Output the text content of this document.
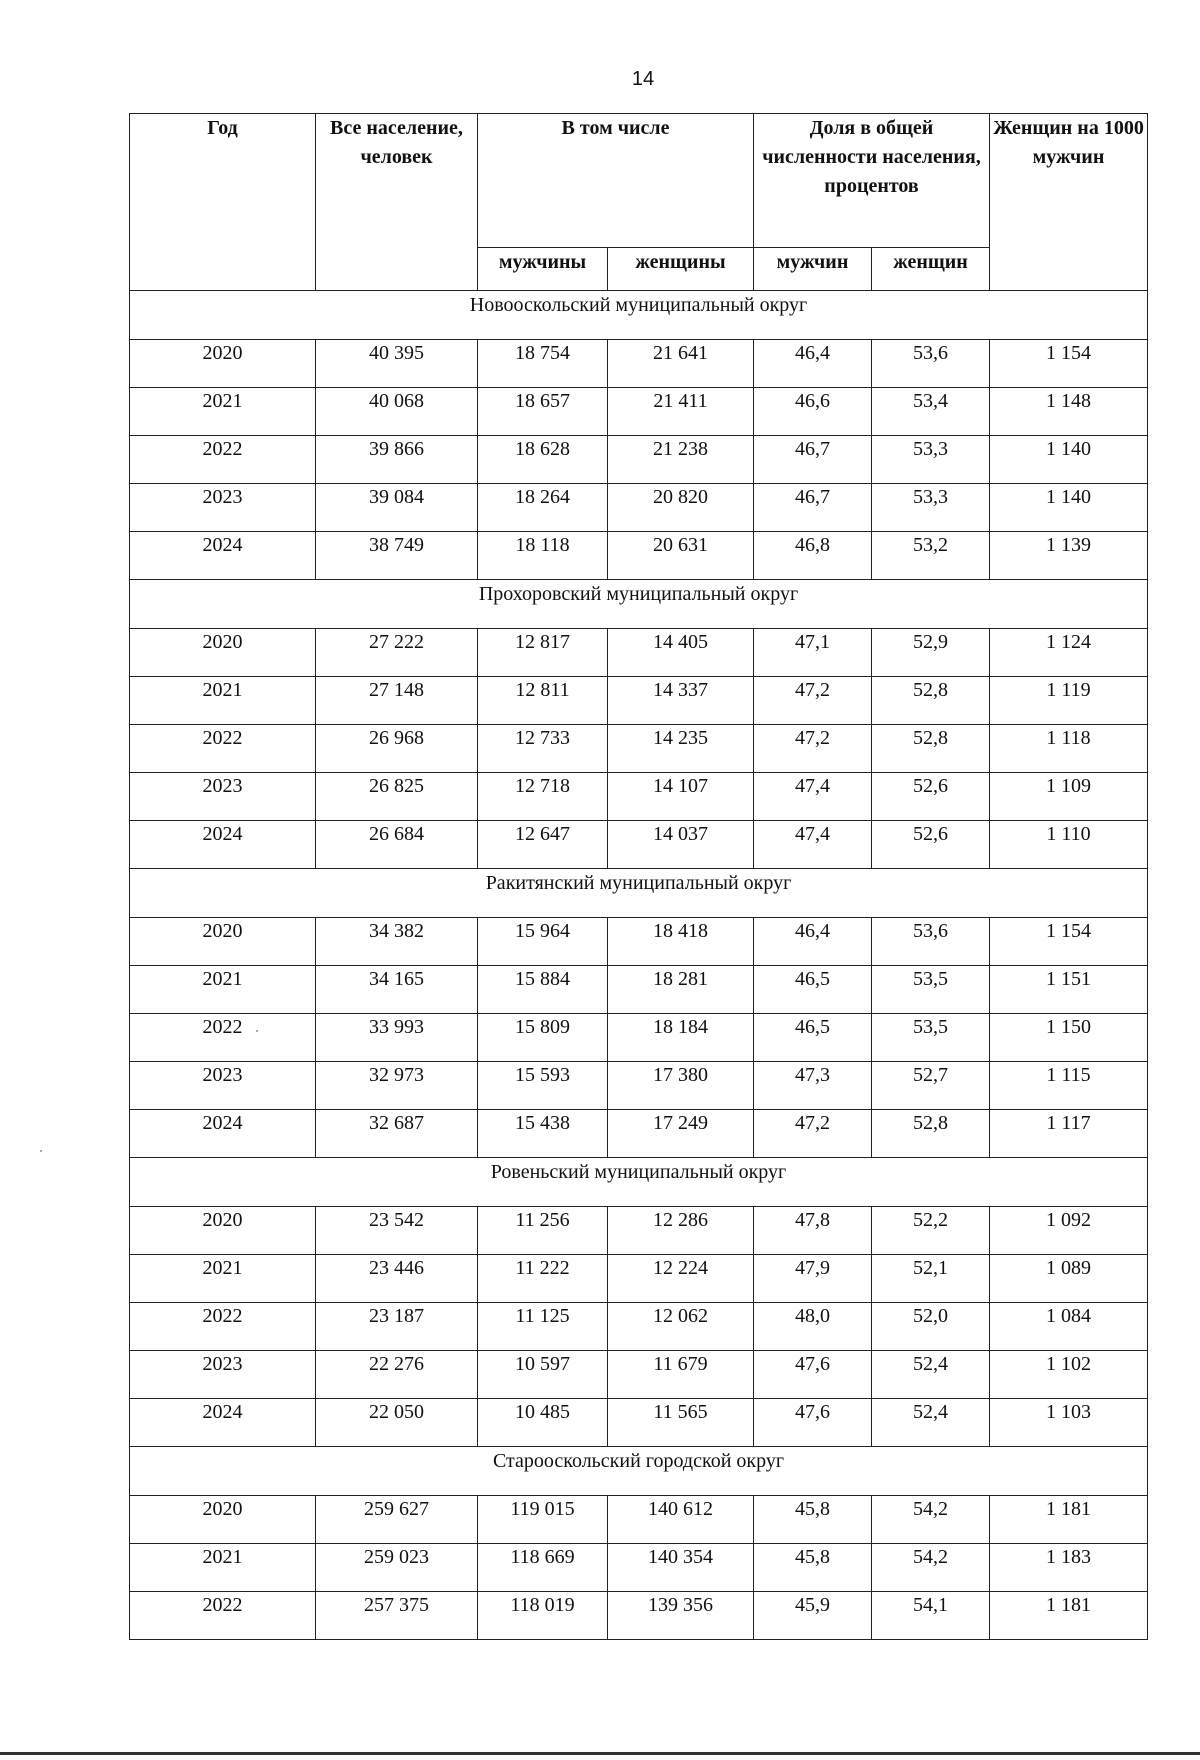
14
Год	Все население, человек	В том числе		Доля в общей численности населения, процентов		Женщин на 1000 мужчин
		мужчины	женщины	мужчин	женщин	
Новооскольский муниципальный округ						
2020	40 395	18 754	21 641	46,4	53,6	1 154
2021	40 068	18 657	21 411	46,6	53,4	1 148
2022	39 866	18 628	21 238	46,7	53,3	1 140
2023	39 084	18 264	20 820	46,7	53,3	1 140
2024	38 749	18 118	20 631	46,8	53,2	1 139
Прохоровский муниципальный округ						
2020	27 222	12 817	14 405	47,1	52,9	1 124
2021	27 148	12 811	14 337	47,2	52,8	1 119
2022	26 968	12 733	14 235	47,2	52,8	1 118
2023	26 825	12 718	14 107	47,4	52,6	1 109
2024	26 684	12 647	14 037	47,4	52,6	1 110
Ракитянский муниципальный округ						
2020	34 382	15 964	18 418	46,4	53,6	1 154
2021	34 165	15 884	18 281	46,5	53,5	1 151
2022	33 993	15 809	18 184	46,5	53,5	1 150
2023	32 973	15 593	17 380	47,3	52,7	1 115
2024	32 687	15 438	17 249	47,2	52,8	1 117
Ровеньский муниципальный округ						
2020	23 542	11 256	12 286	47,8	52,2	1 092
2021	23 446	11 222	12 224	47,9	52,1	1 089
2022	23 187	11 125	12 062	48,0	52,0	1 084
2023	22 276	10 597	11 679	47,6	52,4	1 102
2024	22 050	10 485	11 565	47,6	52,4	1 103
Старооскольский городской округ						
2020	259 627	119 015	140 612	45,8	54,2	1 181
2021	259 023	118 669	140 354	45,8	54,2	1 183
2022	257 375	118 019	139 356	45,9	54,1	1 181
